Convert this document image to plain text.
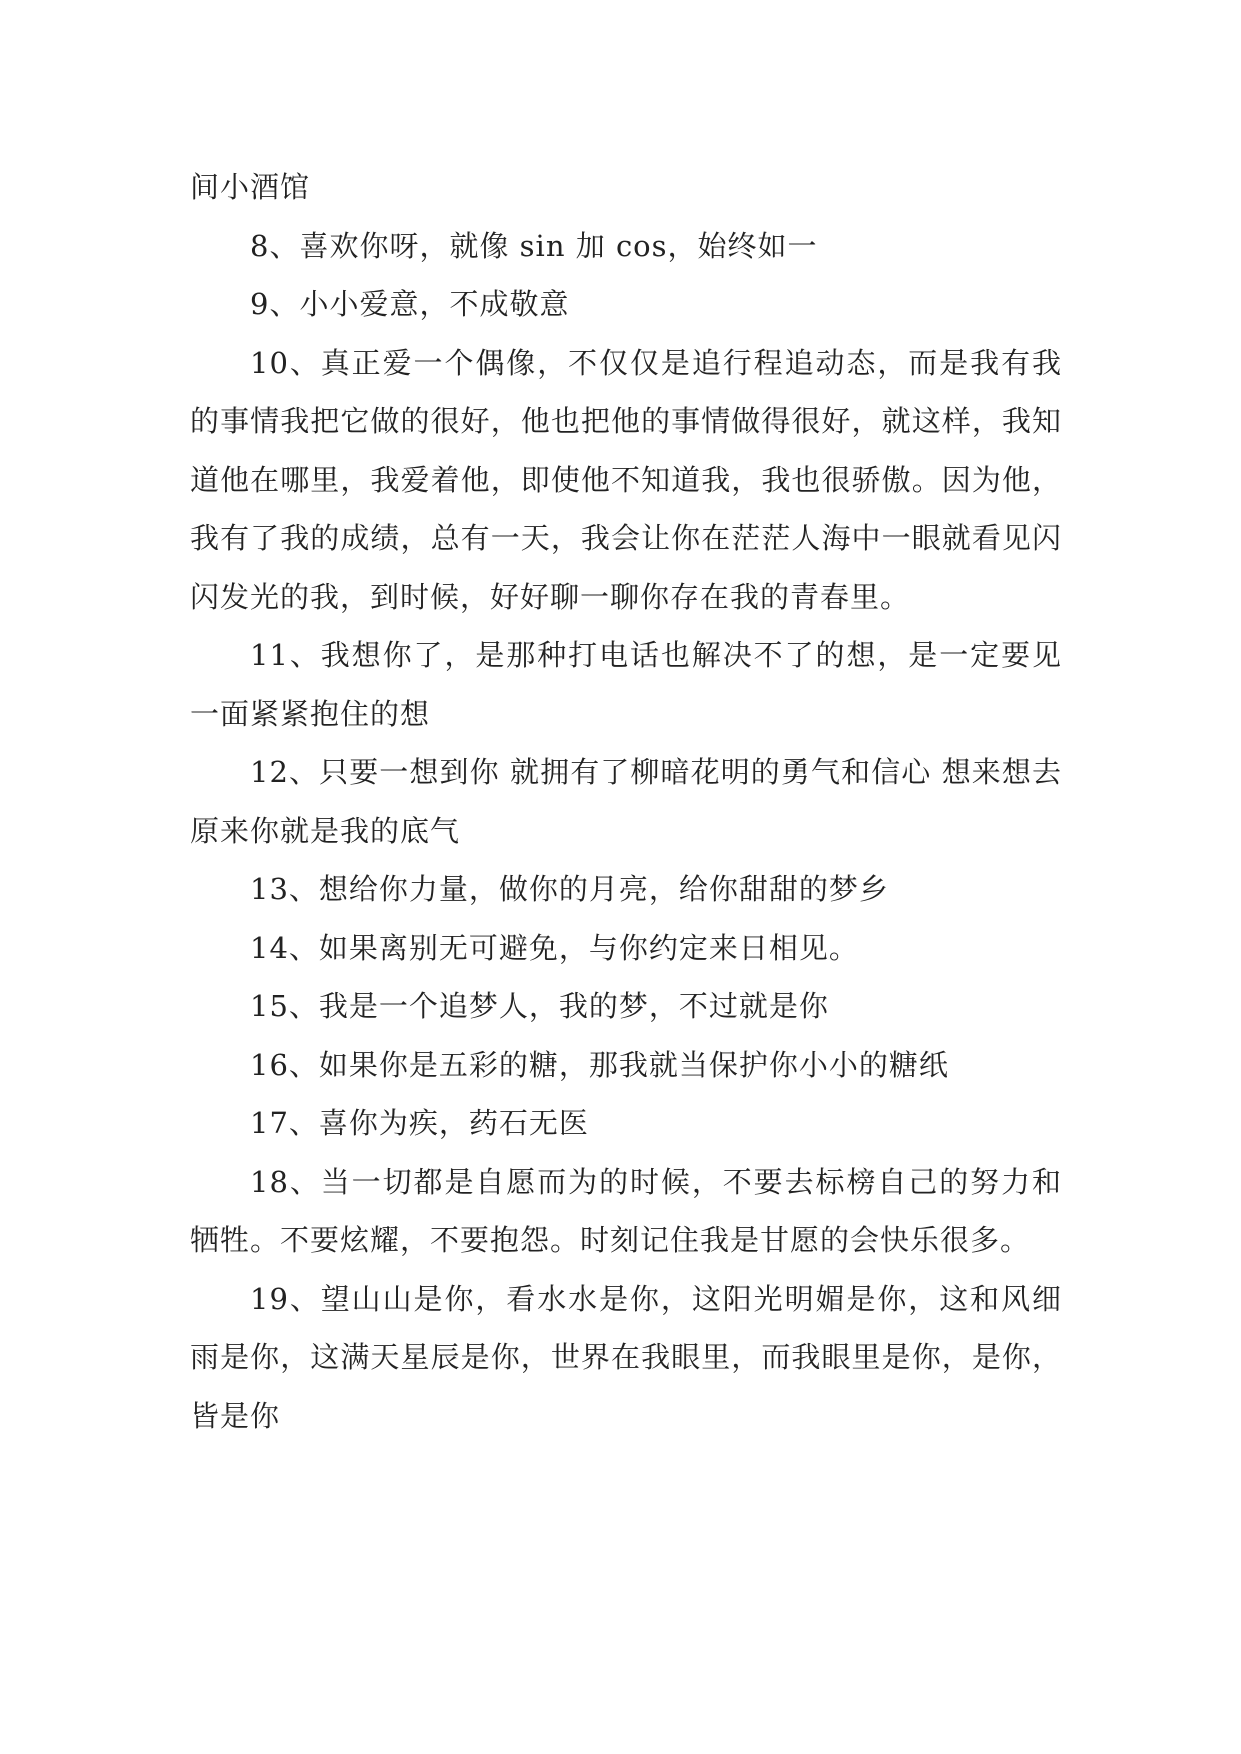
间小酒馆

8、喜欢你呀，就像 sin 加 cos，始终如一

9、小小爱意，不成敬意

10、真正爱一个偶像，不仅仅是追行程追动态，而是我有我的事情我把它做的很好，他也把他的事情做得很好，就这样，我知道他在哪里，我爱着他，即使他不知道我，我也很骄傲。因为他，我有了我的成绩，总有一天，我会让你在茫茫人海中一眼就看见闪闪发光的我，到时候，好好聊一聊你存在我的青春里。

11、我想你了，是那种打电话也解决不了的想，是一定要见一面紧紧抱住的想

12、只要一想到你 就拥有了柳暗花明的勇气和信心 想来想去 原来你就是我的底气

13、想给你力量，做你的月亮，给你甜甜的梦乡

14、如果离别无可避免，与你约定来日相见。

15、我是一个追梦人，我的梦，不过就是你

16、如果你是五彩的糖，那我就当保护你小小的糖纸

17、喜你为疾，药石无医

18、当一切都是自愿而为的时候，不要去标榜自己的努力和牺牲。不要炫耀，不要抱怨。时刻记住我是甘愿的会快乐很多。

19、望山山是你，看水水是你，这阳光明媚是你，这和风细雨是你，这满天星辰是你，世界在我眼里，而我眼里是你，是你，皆是你
